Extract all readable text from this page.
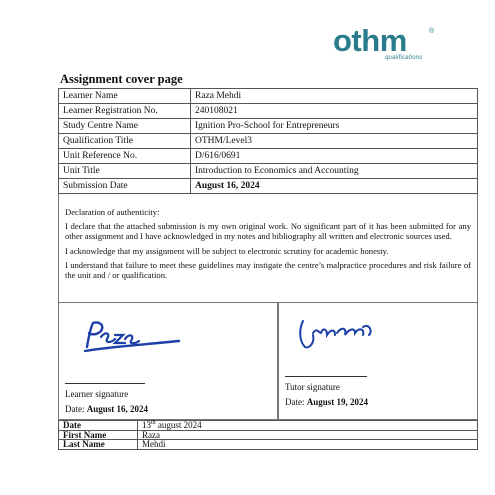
othm	®
qualifications
Assignment cover page
Learner Name	Raza Mehdi
Learner Registration No.	240108021
Study Centre Name	Ignition Pro-School for Entrepreneurs
Qualification Title	OTHM/Level3
Unit Reference No.	D/616/0691
Unit Title	Introduction to Economics and Accounting
Submission Date	August 16, 2024

Declaration of authenticity:

I declare that the attached submission is my own original work. No significant part of it has been submitted for any other assignment and I have acknowledged in my notes and bibliography all written and electronic sources used.

I acknowledge that my assignment will be subject to electronic scrutiny for academic honesty.

I understand that failure to meet these guidelines may instigate the centre’s malpractice procedures and risk failure of the unit and / or qualification.

Learner signature
Date: August 16, 2024
Tutor signature
Date: August 19, 2024
Date	13th august 2024
First Name	Raza
Last Name	Mehdi
